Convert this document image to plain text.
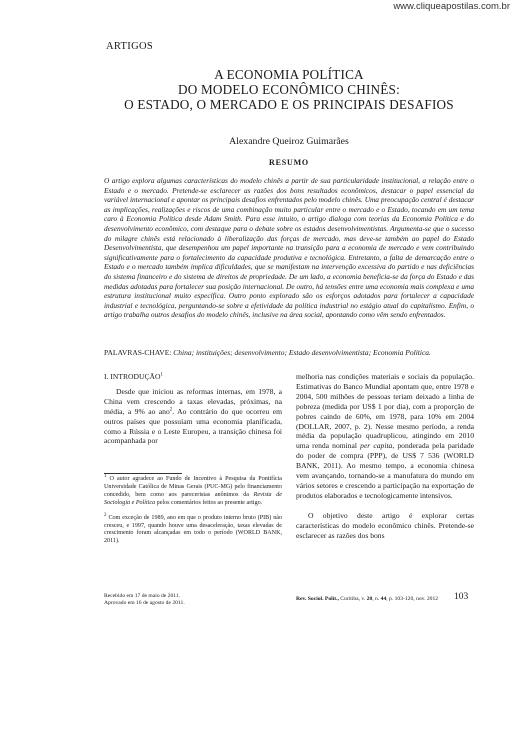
www.cliqueapostilas.com.br
ARTIGOS

A ECONOMIA POLÍTICA

DO MODELO ECONÔMICO CHINÊS:

O ESTADO, O MERCADO E OS PRINCIPAIS DESAFIOS

Alexandre Queiroz Guimarães
RESUMO

O artigo explora algumas características do modelo chinês a partir de sua particularidade institucional, a relação entre o Estado e o mercado. Pretende-se esclarecer as razões dos bons resultados econômicos, destacar o papel essencial da variável internacional e apontar os principais desafios enfrentados pelo modelo chinês. Uma preocupação central é destacar as implicações, realizações e riscos de uma combinação muito particular entre o mercado e o Estado, tocando em um tema caro à Economia Política desde Adam Smith. Para esse intuito, o artigo dialoga com teorias da Economia Política e do desenvolvimento econômico, com destaque para o debate sobre os estados desenvolvimentistas. Argumenta-se que o sucesso do milagre chinês está relacionado à liberalização das forças de mercado, mas deve-se também ao papel do Estado Desenvolvimentista, que desempenhou um papel importante na transição para a economia de mercado e vem contribuindo significativamente para o fortalecimento da capacidade produtiva e tecnológica. Entretanto, a falta de demarcação entre o Estado e o mercado também implica dificuldades, que se manifestam na intervenção excessiva do partido e nas deficiências do sistema financeiro e do sistema de direitos de propriedade. De um lado, a economia beneficia-se da força do Estado e das medidas adotadas para fortalecer sua posição internacional. De outro, há tensões entre uma economia mais complexa e uma estrutura institucional muito específica. Outro ponto explorado são os esforços adotados para fortalecer a capacidade industrial e tecnológica, perguntando-se sobre a efetividade da política industrial no estágio atual do capitalismo. Enfim, o artigo trabalha outros desafios do modelo chinês, inclusive na área social, apontando como vêm sendo enfrentados.

PALAVRAS-CHAVE: China; instituições; desenvolvimento; Estado desenvolvimentista; Economia Política.

I. INTRODUÇÃO$^1$

Desde que iniciou as reformas internas, em 1978, a China vem crescendo a taxas elevadas, próximas, na média, a 9% ao ano$^2$. Ao contrário do que ocorreu em outros países que possuíam uma economia planificada, como a Rússia e o Leste Europeu, a transição chinesa foi acompanhada por

melhoria nas condições materiais e sociais da população. Estimativas do Banco Mundial apontam que, entre 1978 e 2004, 500 milhões de pessoas teriam deixado a linha de pobreza (medida por US$ 1 por dia), com a proporção de pobres caindo de 60%, em 1978, para 10% em 2004 (DOLLAR, 2007, p. 2). Nesse mesmo período, a renda média da população quadruplicou, atingindo em 2010 uma renda nominal per capita, ponderada pela paridade do poder de compra (PPP), de US$ 7 536 (WORLD BANK, 2011). Ao mesmo tempo, a economia chinesa vem avançando, tornando-se a manufatura do mundo em vários setores e crescendo a participação na exportação de produtos elaborados e tecnologicamente intensivos.

O objetivo deste artigo é explorar certas características do modelo econômico chinês. Pretende-se esclarecer as razões dos bons

$^1$ O autor agradece ao Fundo de Incentivo à Pesquisa da Pontifícia Universidade Católica de Minas Gerais (PUC-MG) pelo financiamento concedido, bem como aos pareceristas anônimos da Revista de Sociologia e Política pelos comentários feitos ao presente artigo.

$^2$ Com exceção de 1989, ano em que o produto interno bruto (PIB) não cresceu, e 1997, quando houve uma desaceleração, taxas elevadas de crescimento foram alcançadas em todo o período (WORLD BANK, 2011).

Recebido em 17 de maio de 2011.
Aprovado em 16 de agosto de 2011.
Rev. Sociol. Polít., Curitiba, v. 20, n. 44, p. 103-120, nov. 2012 103
